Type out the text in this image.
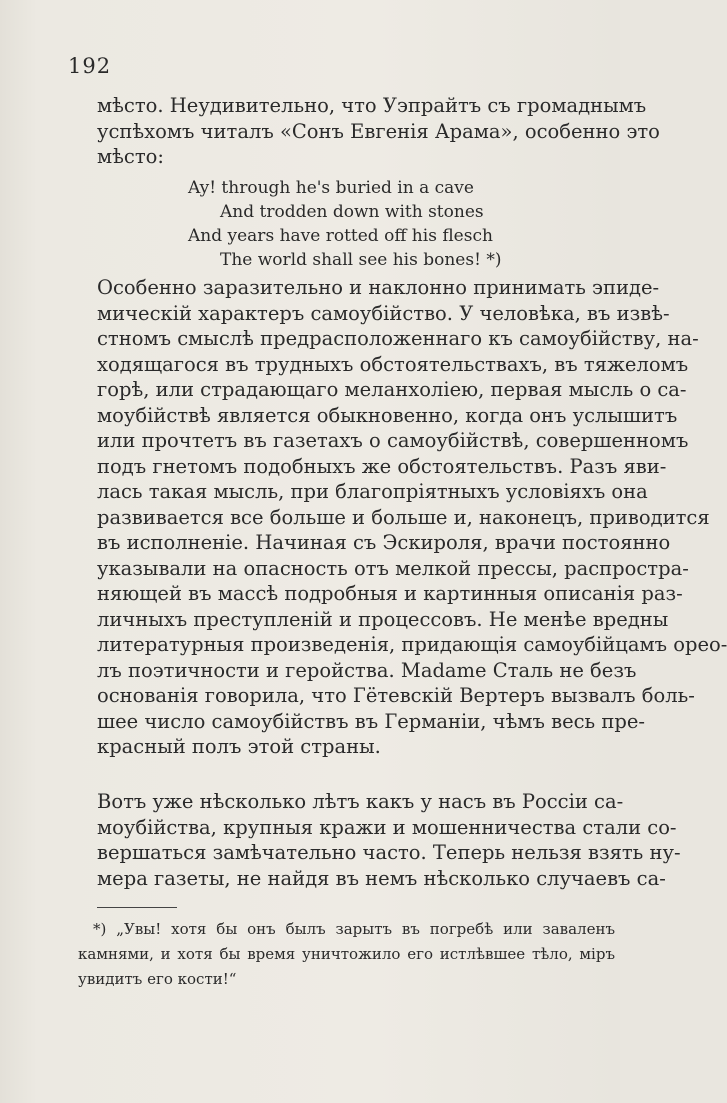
192
мѣсто. Неудивительно, что Уэпрайтъ съ громаднымъ
успѣхомъ читалъ «Сонъ Евгенія Арама», особенно это
мѣсто:
Ay! through he's buried in a cave
And trodden down with stones
And years have rotted off his flesch
The world shall see his bones! *)
Особенно заразительно и наклонно принимать эпиде-
мическій характеръ самоубійство. У человѣка, въ извѣ-
стномъ смыслѣ предрасположеннаго къ самоубійству, на-
ходящагося въ трудныхъ обстоятельствахъ, въ тяжеломъ
горѣ, или страдающаго меланхоліею, первая мысль о са-
моубійствѣ является обыкновенно, когда онъ услышитъ
или прочтетъ въ газетахъ о самоубійствѣ, совершенномъ
подъ гнетомъ подобныхъ же обстоятельствъ. Разъ яви-
лась такая мысль, при благопріятныхъ условіяхъ она
развивается все больше и больше и, наконецъ, приводится
въ исполненіе. Начиная съ Эскироля, врачи постоянно
указывали на опасность отъ мелкой прессы, распростра-
няющей въ массѣ подробныя и картинныя описанія раз-
личныхъ преступленій и процессовъ. Не менѣе вредны
литературныя произведенія, придающія самоубійцамъ орео-
лъ поэтичности и геройства. Madame Сталь не безъ
основанія говорила, что Гётевскій Вертеръ вызвалъ боль-
шее число самоубійствъ въ Германіи, чѣмъ весь пре-
красный полъ этой страны.
Вотъ уже нѣсколько лѣтъ какъ у насъ въ Россіи са-
моубійства, крупныя кражи и мошенничества стали со-
вершаться замѣчательно часто. Теперь нельзя взять ну-
мера газеты, не найдя въ немъ нѣсколько случаевъ са-
*) „Увы! хотя бы онъ былъ зарытъ въ погребѣ или заваленъ
камнями, и хотя бы время уничтожило его истлѣвшее тѣло, міръ
увидитъ его кости!“
